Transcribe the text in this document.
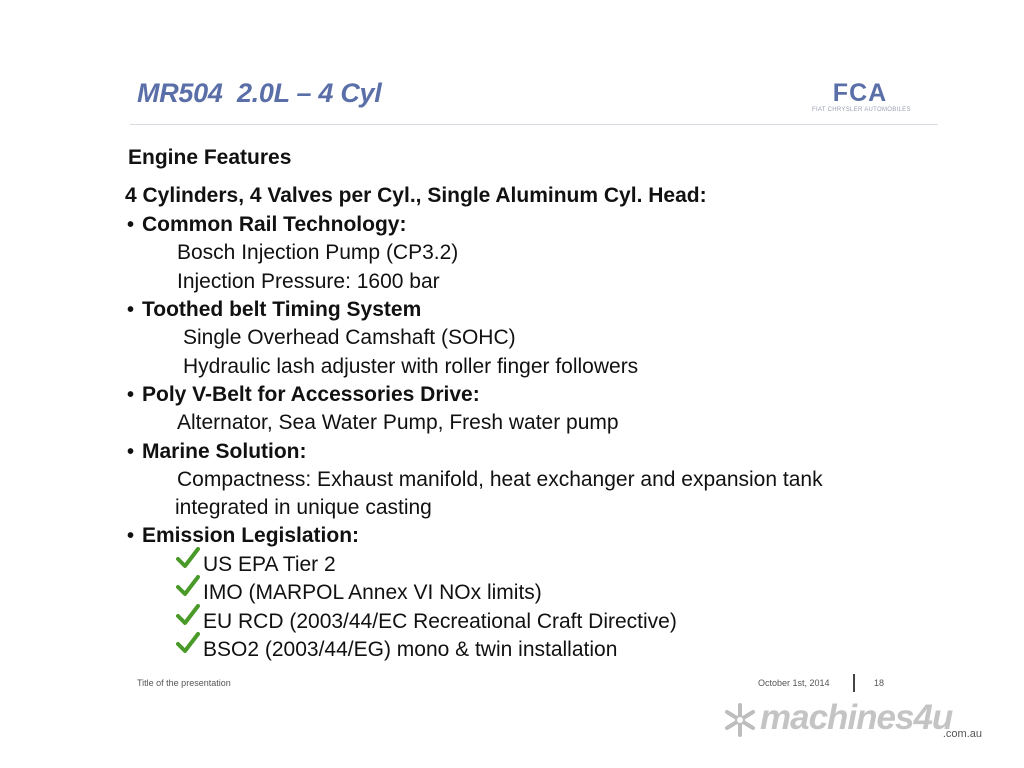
MR504  2.0L – 4 Cyl	FCA
FIAT CHRYSLER AUTOMOBILES
Engine Features
4 Cylinders, 4 Valves per Cyl., Single Aluminum Cyl. Head:
• Common Rail Technology:
Bosch Injection Pump (CP3.2)
Injection Pressure: 1600 bar
• Toothed belt Timing System
Single Overhead Camshaft (SOHC)
Hydraulic lash adjuster with roller finger followers
• Poly V-Belt for Accessories Drive:
Alternator, Sea Water Pump, Fresh water pump
• Marine Solution:
Compactness: Exhaust manifold, heat exchanger and expansion tank
integrated in unique casting
• Emission Legislation:
US EPA Tier 2
IMO (MARPOL Annex VI NOx limits)
EU RCD (2003/44/EC Recreational Craft Directive)
BSO2 (2003/44/EG) mono & twin installation
Title of the presentation	October 1st, 2014	18
machines4u
.com.au
